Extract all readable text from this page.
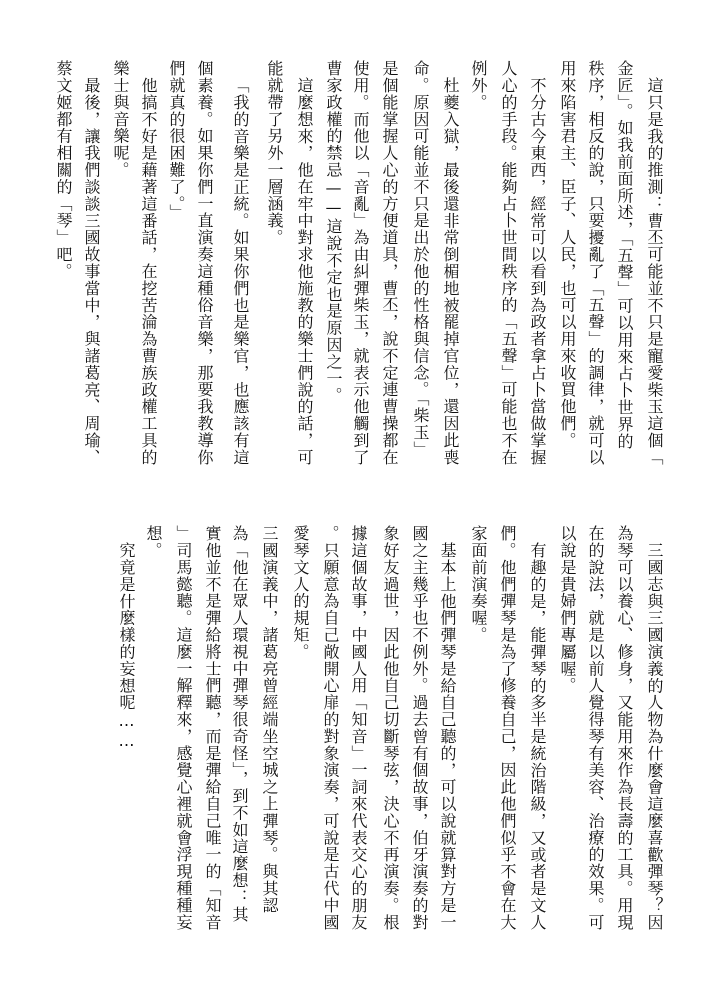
這只是我的推測：曹丕可能並不只是寵愛柴玉這個「
金匠」。如我前面所述，「五聲」可以用來占卜世界的
秩序，相反的說，只要擾亂了「五聲」的調律，就可以
用來陷害君主、臣子、人民，也可以用來收買他們。
不分古今東西，經常可以看到為政者拿占卜當做掌握
人心的手段。能夠占卜世間秩序的「五聲」可能也不在
例外。
杜夔入獄，最後還非常倒楣地被罷掉官位，還因此喪
命。原因可能並不只是出於他的性格與信念。「柴玉」
是個能掌握人心的方便道具，曹丕，說不定連曹操都在
使用。而他以「音亂」為由糾彈柴玉，就表示他觸到了
曹家政權的禁忌——這說不定也是原因之一。
這麼想來，他在牢中對求他施教的樂士們說的話，可
能就帶了另外一層涵義。
「我的音樂是正統。如果你們也是樂官，也應該有這
個素養。如果你們一直演奏這種俗音樂，那要我教導你
們就真的很困難了。」
他搞不好是藉著這番話，在挖苦淪為曹族政權工具的
樂士與音樂呢。
最後，讓我們談談三國故事當中，與諸葛亮、周瑜、
蔡文姬都有相關的「琴」吧。
三國志與三國演義的人物為什麼會這麼喜歡彈琴？因
為琴可以養心、修身，又能用來作為長壽的工具。用現
在的說法，就是以前人覺得琴有美容、治療的效果。可
以說是貴婦們專屬喔。
有趣的是，能彈琴的多半是統治階級，又或者是文人
們。他們彈琴是為了修養自己，因此他們似乎不會在大
家面前演奏喔。
基本上他們彈琴是給自己聽的，可以說就算對方是一
國之主幾乎也不例外。過去曾有個故事，伯牙演奏的對
象好友過世，因此他自己切斷琴弦，決心不再演奏。根
據這個故事，中國人用「知音」一詞來代表交心的朋友
。只願意為自己敞開心扉的對象演奏，可說是古代中國
愛琴文人的規矩。
三國演義中，諸葛亮曾經端坐空城之上彈琴。與其認
為「他在眾人環視中彈琴很奇怪」，到不如這麼想：其
實他並不是彈給將士們聽，而是彈給自己唯一的「知音
」司馬懿聽。這麼一解釋來，感覺心裡就會浮現種種妄
想。
究竟是什麼樣的妄想呢……
